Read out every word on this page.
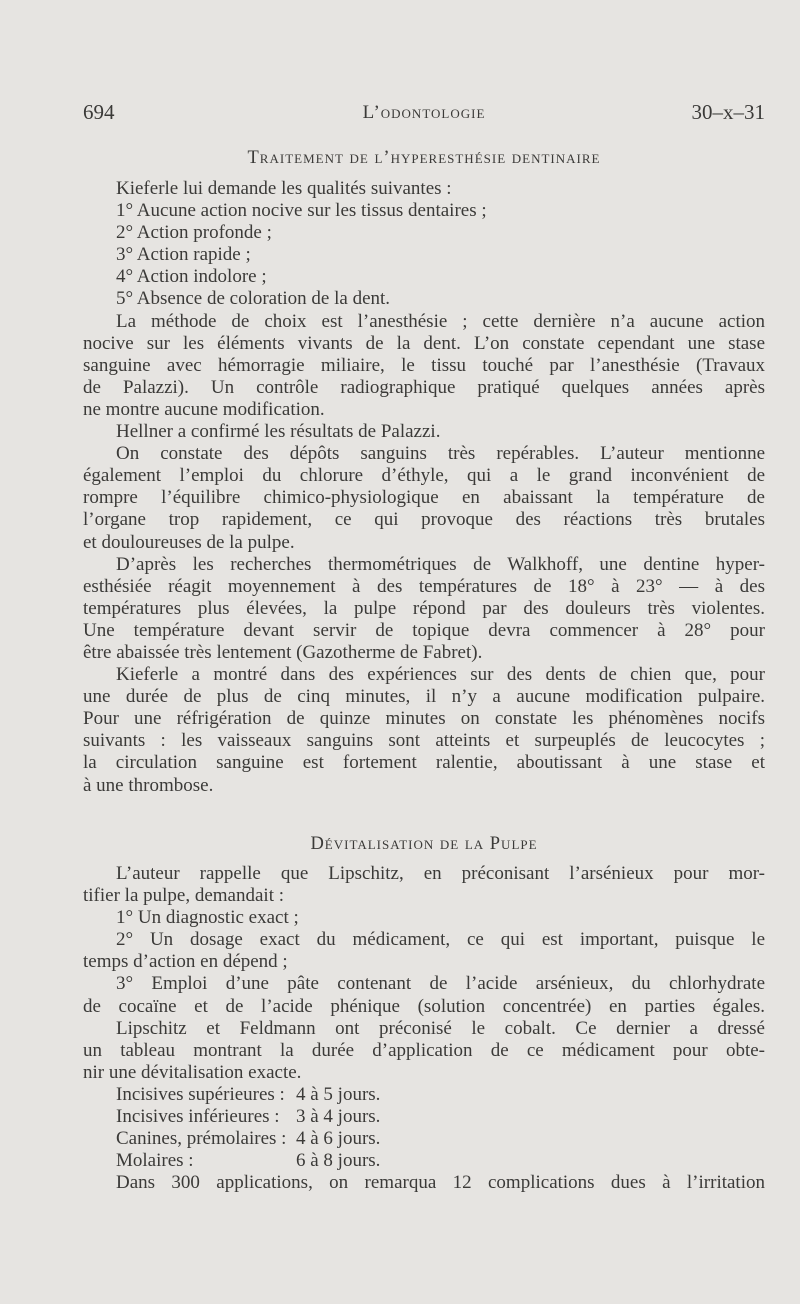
694	L’odontologie	30–x–31
Traitement de l’hyperesthésie dentinaire
Kieferle lui demande les qualités suivantes :
1° Aucune action nocive sur les tissus dentaires ;
2° Action profonde ;
3° Action rapide ;
4° Action indolore ;
5° Absence de coloration de la dent.
La méthode de choix est l’anesthésie ; cette dernière n’a aucune action
nocive sur les éléments vivants de la dent. L’on constate cependant une stase
sanguine avec hémorragie miliaire, le tissu touché par l’anesthésie (Travaux
de Palazzi). Un contrôle radiographique pratiqué quelques années après
ne montre aucune modification.
Hellner a confirmé les résultats de Palazzi.
On constate des dépôts sanguins très repérables. L’auteur mentionne
également l’emploi du chlorure d’éthyle, qui a le grand inconvénient de
rompre l’équilibre chimico-physiologique en abaissant la température de
l’organe trop rapidement, ce qui provoque des réactions très brutales
et douloureuses de la pulpe.
D’après les recherches thermométriques de Walkhoff, une dentine hyper-
esthésiée réagit moyennement à des températures de 18° à 23° — à des
températures plus élevées, la pulpe répond par des douleurs très violentes.
Une température devant servir de topique devra commencer à 28° pour
être abaissée très lentement (Gazotherme de Fabret).
Kieferle a montré dans des expériences sur des dents de chien que, pour
une durée de plus de cinq minutes, il n’y a aucune modification pulpaire.
Pour une réfrigération de quinze minutes on constate les phénomènes nocifs
suivants : les vaisseaux sanguins sont atteints et surpeuplés de leucocytes ;
la circulation sanguine est fortement ralentie, aboutissant à une stase et
à une thrombose.
Dévitalisation de la Pulpe
L’auteur rappelle que Lipschitz, en préconisant l’arsénieux pour mor-
tifier la pulpe, demandait :
1° Un diagnostic exact ;
2° Un dosage exact du médicament, ce qui est important, puisque le
temps d’action en dépend ;
3° Emploi d’une pâte contenant de l’acide arsénieux, du chlorhydrate
de cocaïne et de l’acide phénique (solution concentrée) en parties égales.
Lipschitz et Feldmann ont préconisé le cobalt. Ce dernier a dressé
un tableau montrant la durée d’application de ce médicament pour obte-
nir une dévitalisation exacte.
Incisives supérieures : 4 à 5 jours.
Incisives inférieures : 3 à 4 jours.
Canines, prémolaires : 4 à 6 jours.
Molaires :	6 à 8 jours.
Dans 300 applications, on remarqua 12 complications dues à l’irritation
